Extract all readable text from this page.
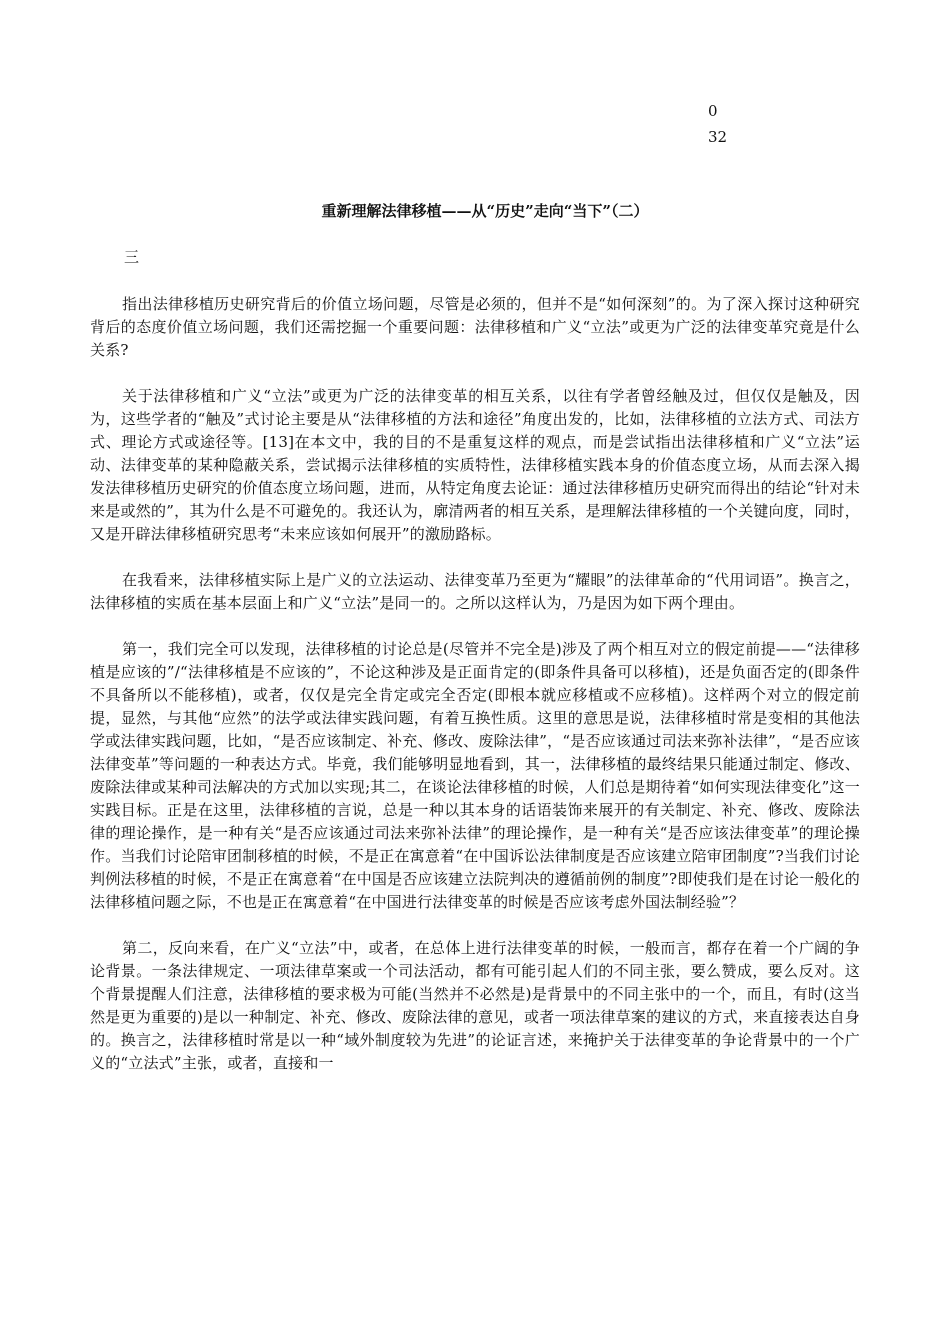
0
32
重新理解法律移植——从“历史”走向“当下”（二）
三

指出法律移植历史研究背后的价值立场问题，尽管是必须的，但并不是“如何深刻”的。为了深入探讨这种研究背后的态度价值立场问题，我们还需挖掘一个重要问题：法律移植和广义“立法”或更为广泛的法律变革究竟是什么关系?

关于法律移植和广义“立法”或更为广泛的法律变革的相互关系，以往有学者曾经触及过，但仅仅是触及，因为，这些学者的“触及”式讨论主要是从“法律移植的方法和途径”角度出发的，比如，法律移植的立法方式、司法方式、理论方式或途径等。[13]在本文中，我的目的不是重复这样的观点，而是尝试指出法律移植和广义“立法”运动、法律变革的某种隐蔽关系，尝试揭示法律移植的实质特性，法律移植实践本身的价值态度立场，从而去深入揭发法律移植历史研究的价值态度立场问题，进而，从特定角度去论证：通过法律移植历史研究而得出的结论“针对未来是或然的”，其为什么是不可避免的。我还认为，廓清两者的相互关系，是理解法律移植的一个关键向度，同时，又是开辟法律移植研究思考“未来应该如何展开”的激励路标。

在我看来，法律移植实际上是广义的立法运动、法律变革乃至更为“耀眼”的法律革命的“代用词语”。换言之，法律移植的实质在基本层面上和广义“立法”是同一的。之所以这样认为，乃是因为如下两个理由。

第一，我们完全可以发现，法律移植的讨论总是(尽管并不完全是)涉及了两个相互对立的假定前提——“法律移植是应该的”/“法律移植是不应该的”，不论这种涉及是正面肯定的(即条件具备可以移植)，还是负面否定的(即条件不具备所以不能移植)，或者，仅仅是完全肯定或完全否定(即根本就应移植或不应移植)。这样两个对立的假定前提，显然，与其他“应然”的法学或法律实践问题，有着互换性质。这里的意思是说，法律移植时常是变相的其他法学或法律实践问题，比如，“是否应该制定、补充、修改、废除法律”，“是否应该通过司法来弥补法律”，“是否应该法律变革”等问题的一种表达方式。毕竟，我们能够明显地看到，其一，法律移植的最终结果只能通过制定、修改、废除法律或某种司法解决的方式加以实现;其二，在谈论法律移植的时候，人们总是期待着“如何实现法律变化”这一实践目标。正是在这里，法律移植的言说，总是一种以其本身的话语装饰来展开的有关制定、补充、修改、废除法律的理论操作，是一种有关“是否应该通过司法来弥补法律”的理论操作，是一种有关“是否应该法律变革”的理论操作。当我们讨论陪审团制移植的时候，不是正在寓意着“在中国诉讼法律制度是否应该建立陪审团制度”?当我们讨论判例法移植的时候，不是正在寓意着“在中国是否应该建立法院判决的遵循前例的制度”?即使我们是在讨论一般化的法律移植问题之际，不也是正在寓意着“在中国进行法律变革的时候是否应该考虑外国法制经验”？

第二，反向来看，在广义“立法”中，或者，在总体上进行法律变革的时候，一般而言，都存在着一个广阔的争论背景。一条法律规定、一项法律草案或一个司法活动，都有可能引起人们的不同主张，要么赞成，要么反对。这个背景提醒人们注意，法律移植的要求极为可能(当然并不必然是)是背景中的不同主张中的一个，而且，有时(这当然是更为重要的)是以一种制定、补充、修改、废除法律的意见，或者一项法律草案的建议的方式，来直接表达自身的。换言之，法律移植时常是以一种“域外制度较为先进”的论证言述，来掩护关于法律变革的争论背景中的一个广义的“立法式”主张，或者，直接和一
